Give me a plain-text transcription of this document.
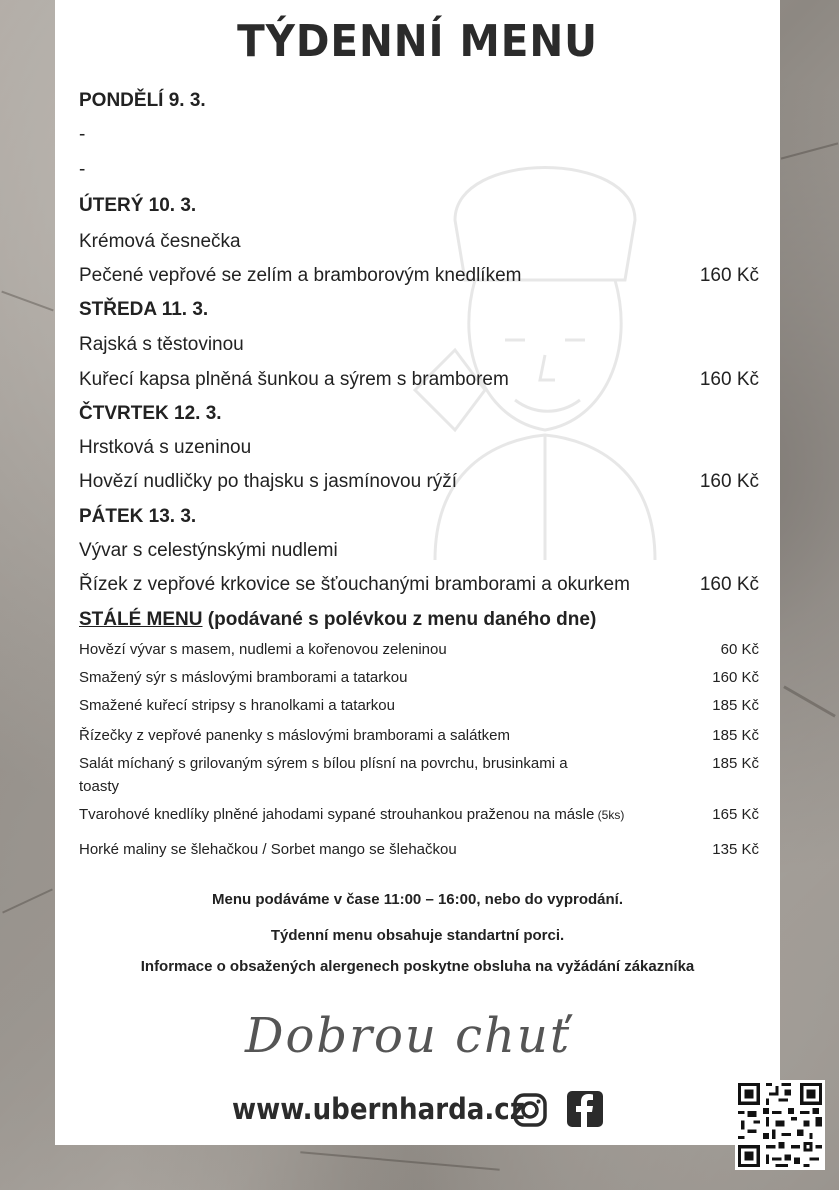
TÝDENNÍ MENU
PONDĚLÍ 9. 3.
-
-
ÚTERÝ 10. 3.
Krémová česnečka
Pečené vepřové se zelím a bramborovým knedlíkem	160 Kč
STŘEDA 11. 3.
Rajská s těstovinou
Kuřecí kapsa plněná šunkou a sýrem s bramborem	160 Kč
ČTVRTEK 12. 3.
Hrstková s uzeninou
Hovězí nudličky po thajsku s jasmínovou rýží	160 Kč
PÁTEK 13. 3.
Vývar s celestýnskými nudlemi
Řízek z vepřové krkovice se šťouchanými bramborami a okurkem	160 Kč
STÁLÉ MENU (podávané s polévkou z menu daného dne)
Hovězí vývar s masem, nudlemi a kořenovou zeleninou	60 Kč
Smažený sýr s máslovými bramborami a tatarkou	160 Kč
Smažené kuřecí stripsy s hranolkami a tatarkou	185 Kč
Řízečky z vepřové panenky s máslovými bramborami a salátkem	185 Kč
Salát míchaný s grilovaným sýrem s bílou plísní na povrchu, brusinkami a	185 Kč
toasty
Tvarohové knedlíky plněné jahodami sypané strouhankou praženou na másle (5ks)	165 Kč
Horké maliny se šlehačkou / Sorbet mango se šlehačkou	135 Kč
Menu podáváme v čase 11:00 – 16:00, nebo do vyprodání.
Týdenní menu obsahuje standartní porci.
Informace o obsažených alergenech poskytne obsluha na vyžádání zákazníka
Dobrou chuť
www.ubernharda.cz
